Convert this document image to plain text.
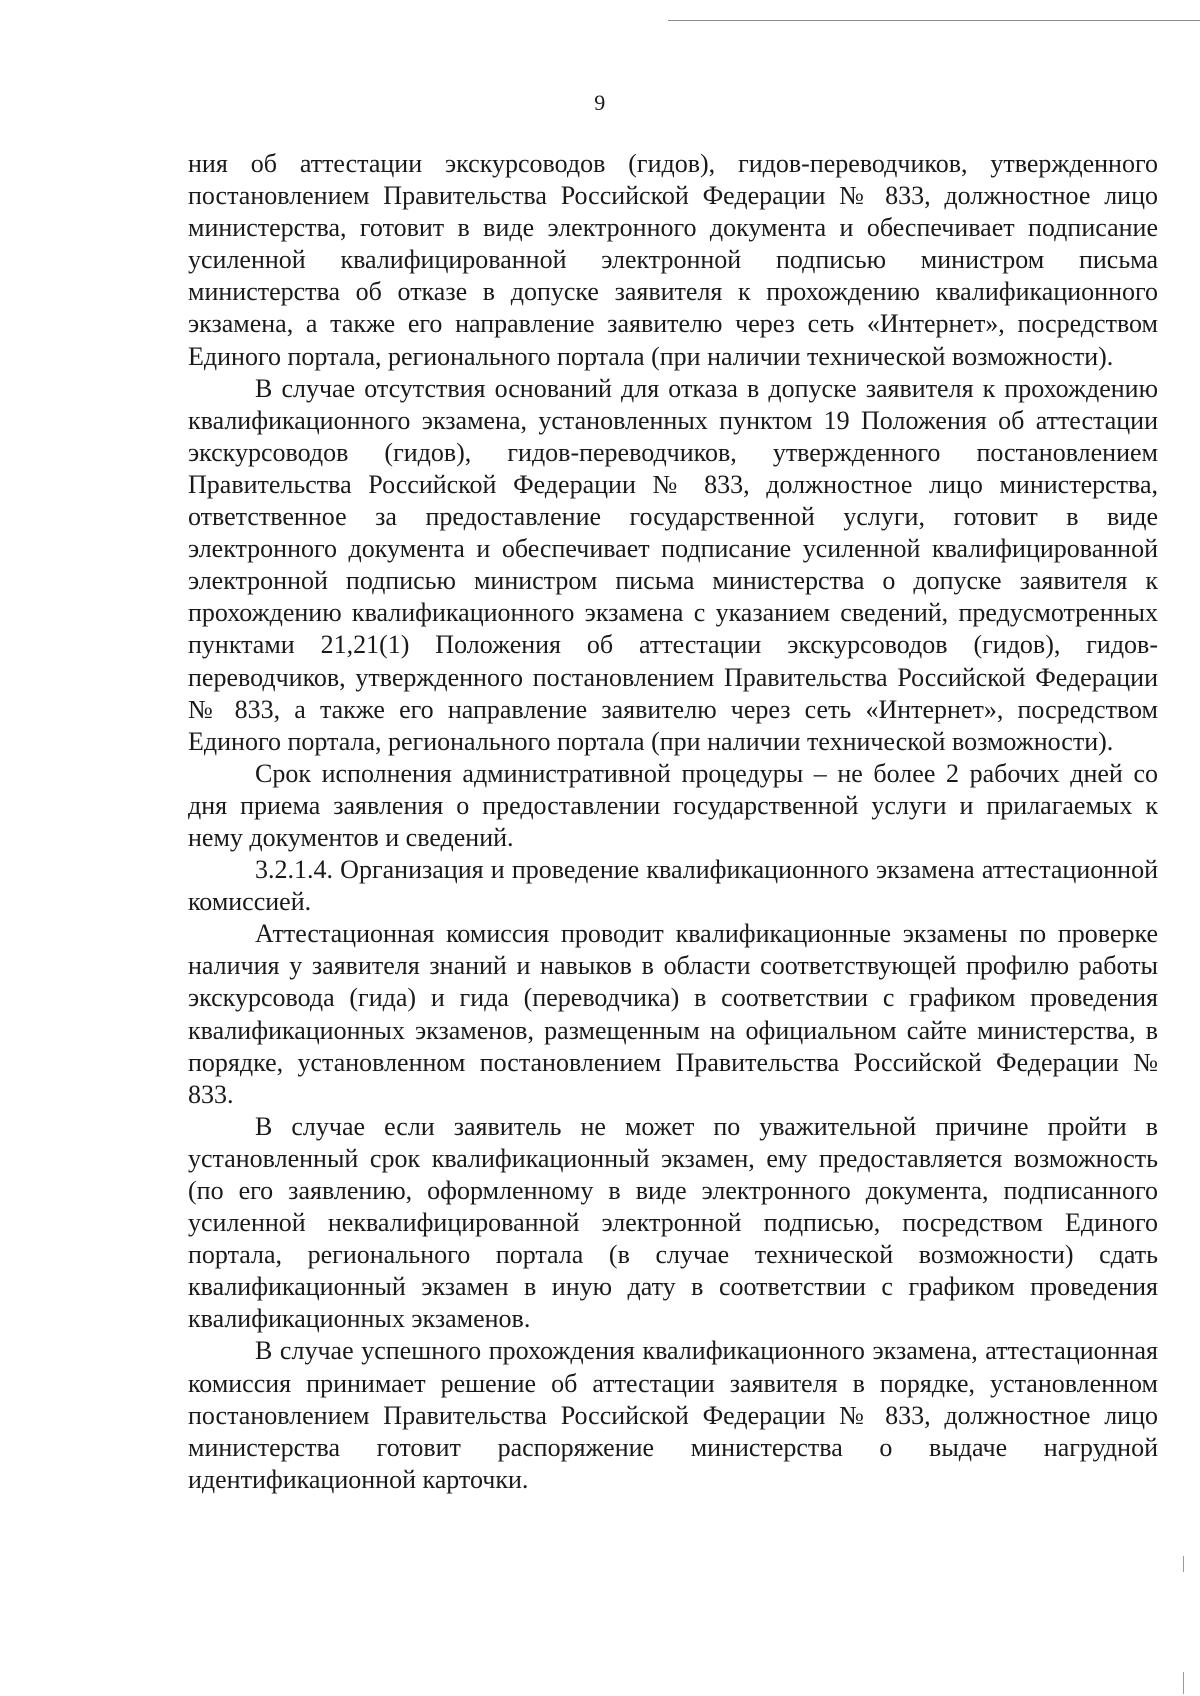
9

ния об аттестации экскурсоводов (гидов), гидов-переводчиков, утвержденного постановлением Правительства Российской Федерации № 833, должностное лицо министерства, готовит в виде электронного документа и обеспечивает подписание усиленной квалифицированной электронной подписью министром письма министерства об отказе в допуске заявителя к прохождению квалификационного экзамена, а также его направление заявителю через сеть «Интернет», посредством Единого портала, регионального портала (при наличии технической возможности).

В случае отсутствия оснований для отказа в допуске заявителя к прохождению квалификационного экзамена, установленных пунктом 19 Положения об аттестации экскурсоводов (гидов), гидов-переводчиков, утвержденного постановлением Правительства Российской Федерации № 833, должностное лицо министерства, ответственное за предоставление государственной услуги, готовит в виде электронного документа и обеспечивает подписание усиленной квалифицированной электронной подписью министром письма министерства о допуске заявителя к прохождению квалификационного экзамена с указанием сведений, предусмотренных пунктами 21,21(1) Положения об аттестации экскурсоводов (гидов), гидов-переводчиков, утвержденного постановлением Правительства Российской Федерации № 833, а также его направление заявителю через сеть «Интернет», посредством Единого портала, регионального портала (при наличии технической возможности).

Срок исполнения административной процедуры – не более 2 рабочих дней со дня приема заявления о предоставлении государственной услуги и прилагаемых к нему документов и сведений.

3.2.1.4. Организация и проведение квалификационного экзамена аттестационной комиссией.

Аттестационная комиссия проводит квалификационные экзамены по проверке наличия у заявителя знаний и навыков в области соответствующей профилю работы экскурсовода (гида) и гида (переводчика) в соответствии с графиком проведения квалификационных экзаменов, размещенным на официальном сайте министерства, в порядке, установленном постановлением Правительства Российской Федерации № 833.

В случае если заявитель не может по уважительной причине пройти в установленный срок квалификационный экзамен, ему предоставляется возможность (по его заявлению, оформленному в виде электронного документа, подписанного усиленной неквалифицированной электронной подписью, посредством Единого портала, регионального портала (в случае технической возможности) сдать квалификационный экзамен в иную дату в соответствии с графиком проведения квалификационных экзаменов.

В случае успешного прохождения квалификационного экзамена, аттестационная комиссия принимает решение об аттестации заявителя в порядке, установленном постановлением Правительства Российской Федерации № 833, должностное лицо министерства готовит распоряжение министерства о выдаче нагрудной идентификационной карточки.
